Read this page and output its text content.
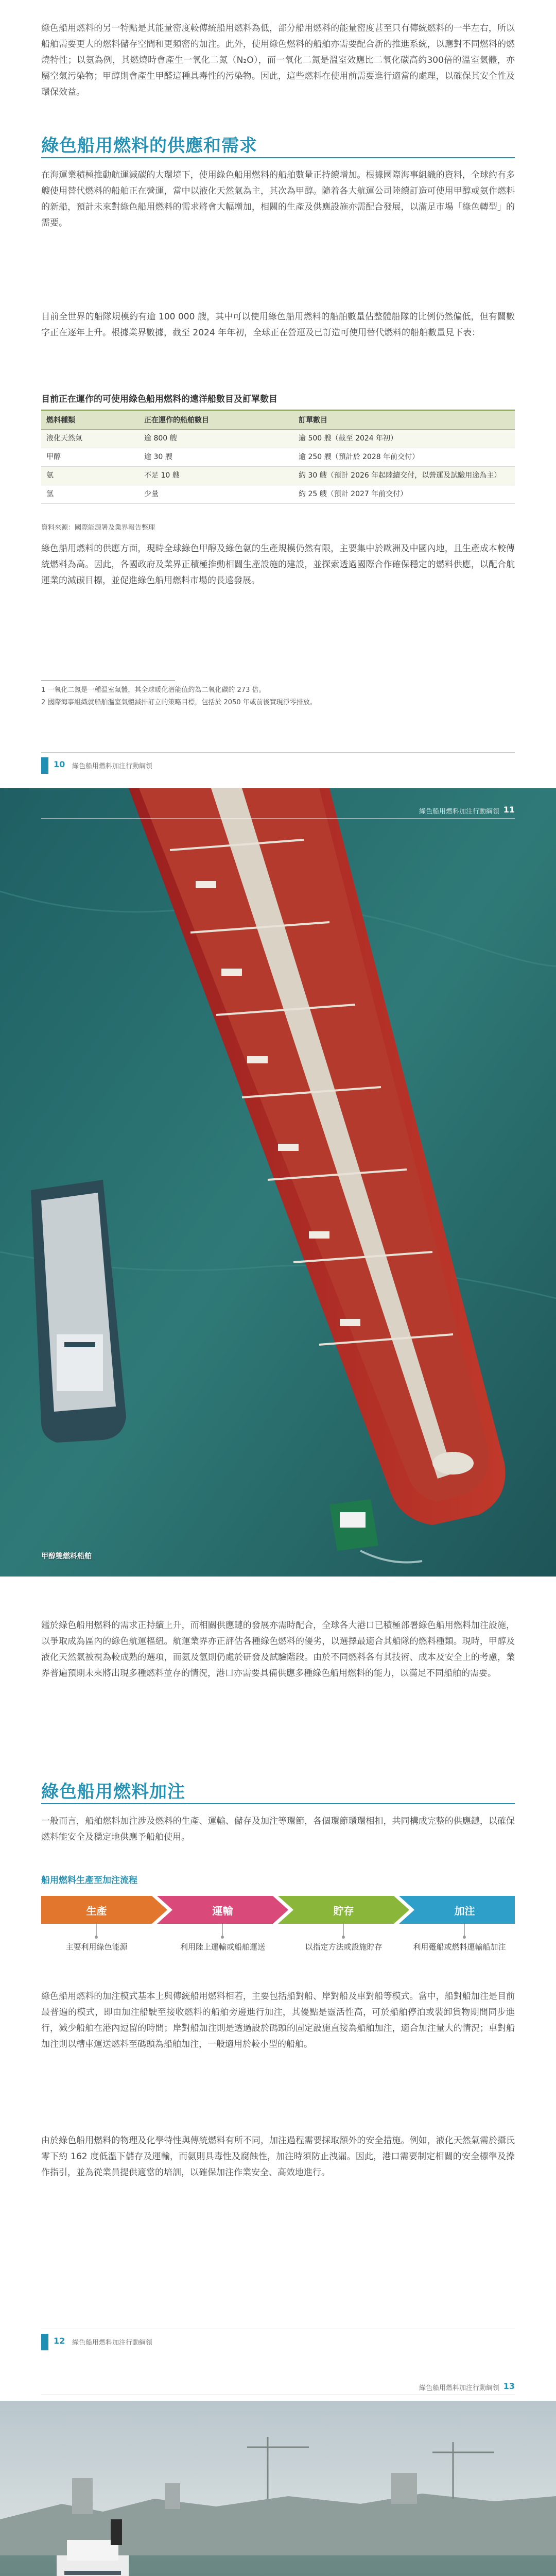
綠色船用燃料的另一特點是其能量密度較傳統船用燃料為低，部分船用燃料的能量密度甚至只有傳統燃料的一半左右，所以船舶需要更大的燃料儲存空間和更頻密的加注。此外，使用綠色燃料的船舶亦需要配合新的推進系統，以應對不同燃料的燃燒特性；以氨為例，其燃燒時會產生一氧化二氮（N₂O），而一氧化二氮是溫室效應比二氧化碳高約300倍的溫室氣體，亦屬空氣污染物；甲醇則會產生甲醛這種具毒性的污染物。因此，這些燃料在使用前需要進行適當的處理，以確保其安全性及環保效益。
綠色船用燃料的供應和需求
在海運業積極推動航運減碳的大環境下，使用綠色船用燃料的船舶數量正持續增加。根據國際海事組織的資料，全球約有多艘使用替代燃料的船舶正在營運，當中以液化天然氣為主，其次為甲醇。隨着各大航運公司陸續訂造可使用甲醇或氨作燃料的新船，預計未來對綠色船用燃料的需求將會大幅增加，相關的生產及供應設施亦需配合發展，以滿足市場「綠色轉型」的需要。
目前全世界的船隊規模約有逾 100 000 艘，其中可以使用綠色船用燃料的船舶數量佔整體船隊的比例仍然偏低，但有關數字正在逐年上升。根據業界數據，截至 2024 年年初，全球正在營運及已訂造可使用替代燃料的船舶數量見下表：
目前正在運作的可使用綠色船用燃料的遠洋船數目及訂單數目
燃料種類	正在運作的船舶數目	訂單數目
液化天然氣	逾 800 艘	逾 500 艘（截至 2024 年初）
甲醇	逾 30 艘	逾 250 艘（預計於 2028 年前交付）
氨	不足 10 艘	約 30 艘（預計 2026 年起陸續交付，以營運及試驗用途為主）
氫	少量	約 25 艘（預計 2027 年前交付）
資料來源：國際能源署及業界報告整理
綠色船用燃料的供應方面，現時全球綠色甲醇及綠色氨的生產規模仍然有限，主要集中於歐洲及中國內地，且生產成本較傳統燃料為高。因此，各國政府及業界正積極推動相關生產設施的建設，並探索透過國際合作確保穩定的燃料供應，以配合航運業的減碳目標，並促進綠色船用燃料市場的長遠發展。
1 一氧化二氮是一種溫室氣體，其全球暖化潛能值約為二氧化碳的 273 倍。
2 國際海事組織就船舶溫室氣體減排訂立的策略目標，包括於 2050 年或前後實現淨零排放。
10 綠色船用燃料加注行動綱領
綠色船用燃料加注行動綱領 11
甲醇雙燃料船舶
鑑於綠色船用燃料的需求正持續上升，而相關供應鏈的發展亦需時配合，全球各大港口已積極部署綠色船用燃料加注設施，以爭取成為區內的綠色航運樞紐。航運業界亦正評估各種綠色燃料的優劣，以選擇最適合其船隊的燃料種類。現時，甲醇及液化天然氣被視為較成熟的選項，而氨及氫則仍處於研發及試驗階段。由於不同燃料各有其技術、成本及安全上的考慮，業界普遍預期未來將出現多種燃料並存的情況，港口亦需要具備供應多種綠色船用燃料的能力，以滿足不同船舶的需要。
綠色船用燃料加注
一般而言，船舶燃料加注涉及燃料的生產、運輸、儲存及加注等環節，各個環節環環相扣，共同構成完整的供應鏈，以確保燃料能安全及穩定地供應予船舶使用。
船用燃料生產至加注流程
生產	運輸	貯存	加注
主要利用綠色能源	利用陸上運輸或船舶運送	以指定方法或設施貯存	利用躉船或燃料運輸船加注
綠色船用燃料的加注模式基本上與傳統船用燃料相若，主要包括船對船、岸對船及車對船等模式。當中，船對船加注是目前最普遍的模式，即由加注船駛至接收燃料的船舶旁邊進行加注，其優點是靈活性高，可於船舶停泊或裝卸貨物期間同步進行，減少船舶在港內逗留的時間；岸對船加注則是透過設於碼頭的固定設施直接為船舶加注，適合加注量大的情況；車對船加注則以槽車運送燃料至碼頭為船舶加注，一般適用於較小型的船舶。
由於綠色船用燃料的物理及化學特性與傳統燃料有所不同，加注過程需要採取額外的安全措施。例如，液化天然氣需於攝氏零下約 162 度低溫下儲存及運輸，而氨則具毒性及腐蝕性，加注時須防止洩漏。因此，港口需要制定相關的安全標準及操作指引，並為從業員提供適當的培訓，以確保加注作業安全、高效地進行。
12 綠色船用燃料加注行動綱領
綠色船用燃料加注行動綱領 13
